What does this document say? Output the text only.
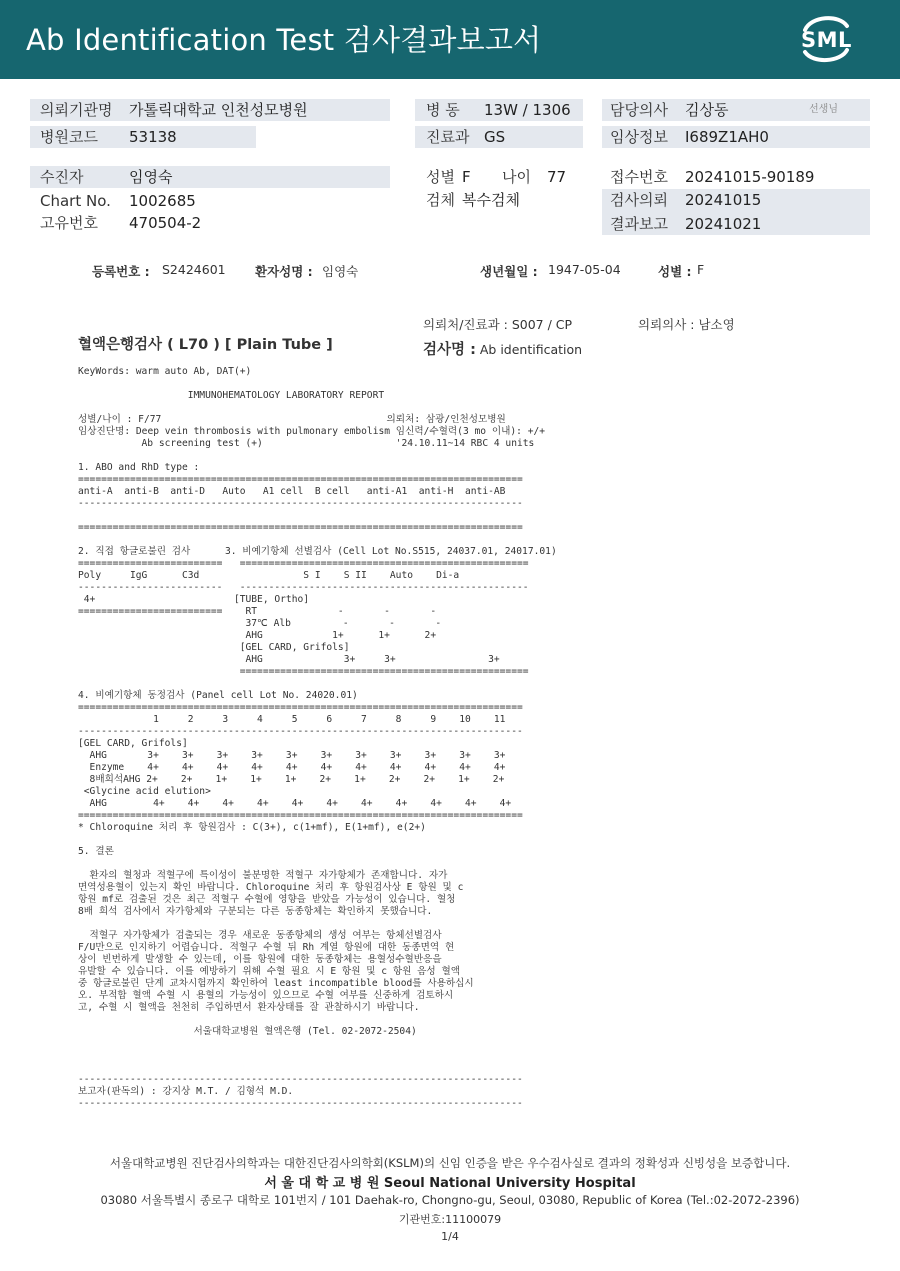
Ab Identification Test 검사결과보고서	SML
의뢰기관명 가톨릭대학교 인천성모병원
병원코드 53138
수진자	임영숙
Chart No. 1002685
고유번호 470504-2
병 동 13W / 1306
진료과 GS
성별 F 나이 77
검체 복수검체
담당의사 김상동	선생님
임상정보 I689Z1AH0
접수번호 20241015-90189
검사의뢰 20241015
결과보고 20241021
등록번호 : S2424601 환자성명 : 임영숙	생년월일 : 1947-05-04	성별 : F
의뢰처/진료과 : S007 / CP	의뢰의사 : 남소영
혈액은행검사 ( L70 ) [ Plain Tube ]	검사명 : Ab identification
KeyWords: warm auto Ab, DAT(+)
IMMUNOHEMATOLOGY LABORATORY REPORT
성별/나이 : F/77                                       의뢰처: 삼광/인천성모병원
임상진단명: Deep vein thrombosis with pulmonary embolism 임신력/수혈력(3 mo 이내): +/+
Ab screening test (+)                       '24.10.11~14 RBC 4 units
1. ABO and RhD type :
=============================================================================
anti-A  anti-B  anti-D   Auto   A1 cell  B cell   anti-A1  anti-H  anti-AB
-----------------------------------------------------------------------------
=============================================================================
2. 직접 항글로불린 검사      3. 비예기항체 선별검사 (Cell Lot No.S515, 24037.01, 24017.01)
=========================   ==================================================
Poly     IgG      C3d                  S I    S II    Auto    Di-a
-------------------------   --------------------------------------------------
4+                        [TUBE, Ortho]
=========================    RT              -       -       -
37℃ Alb         -       -       -
AHG            1+      1+      2+
[GEL CARD, Grifols]
AHG              3+     3+                3+
==================================================
4. 비예기항체 동정검사 (Panel cell Lot No. 24020.01)
=============================================================================
1     2     3     4     5     6     7     8     9    10    11
-----------------------------------------------------------------------------
[GEL CARD, Grifols]
AHG       3+    3+    3+    3+    3+    3+    3+    3+    3+    3+    3+
Enzyme    4+    4+    4+    4+    4+    4+    4+    4+    4+    4+    4+
8배희석AHG 2+    2+    1+    1+    1+    2+    1+    2+    2+    1+    2+
<Glycine acid elution>
AHG        4+    4+    4+    4+    4+    4+    4+    4+    4+    4+    4+
=============================================================================
* Chloroquine 처리 후 항원검사 : C(3+), c(1+mf), E(1+mf), e(2+)
5. 결론
환자의 혈청과 적혈구에 특이성이 불분명한 적혈구 자가항체가 존재합니다. 자가
면역성용혈이 있는지 확인 바랍니다. Chloroquine 처리 후 항원검사상 E 항원 및 c
항원 mf로 검출된 것은 최근 적혈구 수혈에 영향을 받았을 가능성이 있습니다. 혈청
8배 희석 검사에서 자가항체와 구분되는 다른 동종항체는 확인하지 못했습니다.
적혈구 자가항체가 검출되는 경우 새로운 동종항체의 생성 여부는 항체선별검사
F/U만으로 인지하기 어렵습니다. 적혈구 수혈 뒤 Rh 계열 항원에 대한 동종면역 현
상이 빈번하게 발생할 수 있는데, 이를 항원에 대한 동종항체는 용혈성수혈반응을
유발할 수 있습니다. 이를 예방하기 위해 수혈 필요 시 E 항원 및 c 항원 음성 혈액
중 항글로불린 단계 교차시험까지 확인하여 least incompatible blood를 사용하십시
오. 부적합 혈액 수혈 시 용혈의 가능성이 있으므로 수혈 여부를 신중하게 검토하시
고, 수혈 시 혈액을 천천히 주입하면서 환자상태를 잘 관찰하시기 바랍니다.
서울대학교병원 혈액은행 (Tel. 02-2072-2504)
-----------------------------------------------------------------------------
보고자(판독의) : 강지상 M.T. / 김형석 M.D.
-----------------------------------------------------------------------------
서울대학교병원 진단검사의학과는 대한진단검사의학회(KSLM)의 신임 인증을 받은 우수검사실로 결과의 정확성과 신빙성을 보증합니다.
서 울 대 학 교 병 원 Seoul National University Hospital
03080 서울특별시 종로구 대학로 101번지 / 101 Daehak-ro, Chongno-gu, Seoul, 03080, Republic of Korea (Tel.:02-2072-2396)
기관번호:11100079
1/4
